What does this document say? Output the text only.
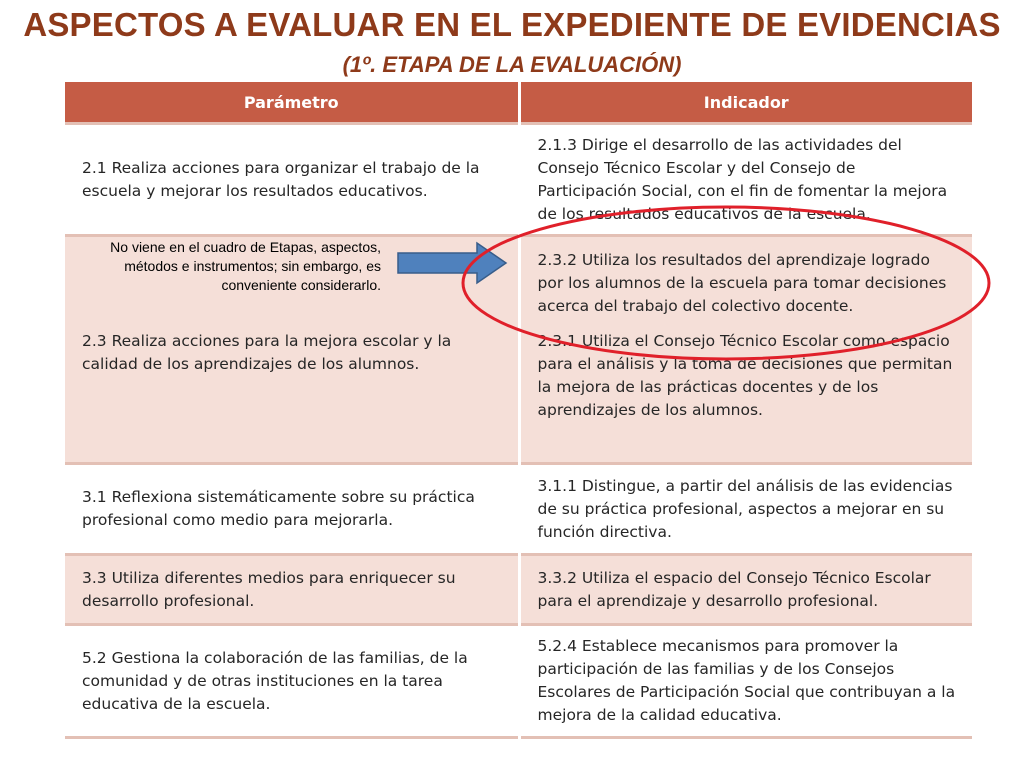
ASPECTOS A EVALUAR EN EL EXPEDIENTE DE EVIDENCIAS
(1º. ETAPA DE LA EVALUACIÓN)
Parámetro	Indicador
2.1 Realiza acciones para organizar el trabajo de la escuela y mejorar los resultados educativos.	2.1.3 Dirige el desarrollo de las actividades del Consejo Técnico Escolar y del Consejo de Participación Social, con el fin de fomentar la mejora de los resultados educativos de la escuela.
2.3 Realiza acciones para la mejora escolar y la calidad de los aprendizajes de los alumnos.	2.3.2 Utiliza los resultados del aprendizaje logrado por los alumnos de la escuela para tomar decisiones acerca del trabajo del colectivo docente.
2.3.1 Utiliza el Consejo Técnico Escolar como espacio para el análisis y la toma de decisiones que permitan la mejora de las prácticas docentes y de los aprendizajes de los alumnos.

3.1 Reflexiona sistemáticamente sobre su práctica profesional como medio para mejorarla.	3.1.1 Distingue, a partir del análisis de las evidencias de su práctica profesional, aspectos a mejorar en su función directiva.
3.3 Utiliza diferentes medios para enriquecer su desarrollo profesional.	3.3.2 Utiliza el espacio del Consejo Técnico Escolar para el aprendizaje y desarrollo profesional.
5.2 Gestiona la colaboración de las familias, de la comunidad y de otras instituciones en la tarea educativa de la escuela.	5.2.4 Establece mecanismos para promover la participación de las familias y de los Consejos Escolares de Participación Social que contribuyan a la mejora de la calidad educativa.

No viene en el cuadro de Etapas, aspectos, métodos e instrumentos; sin embargo, es conveniente considerarlo.
